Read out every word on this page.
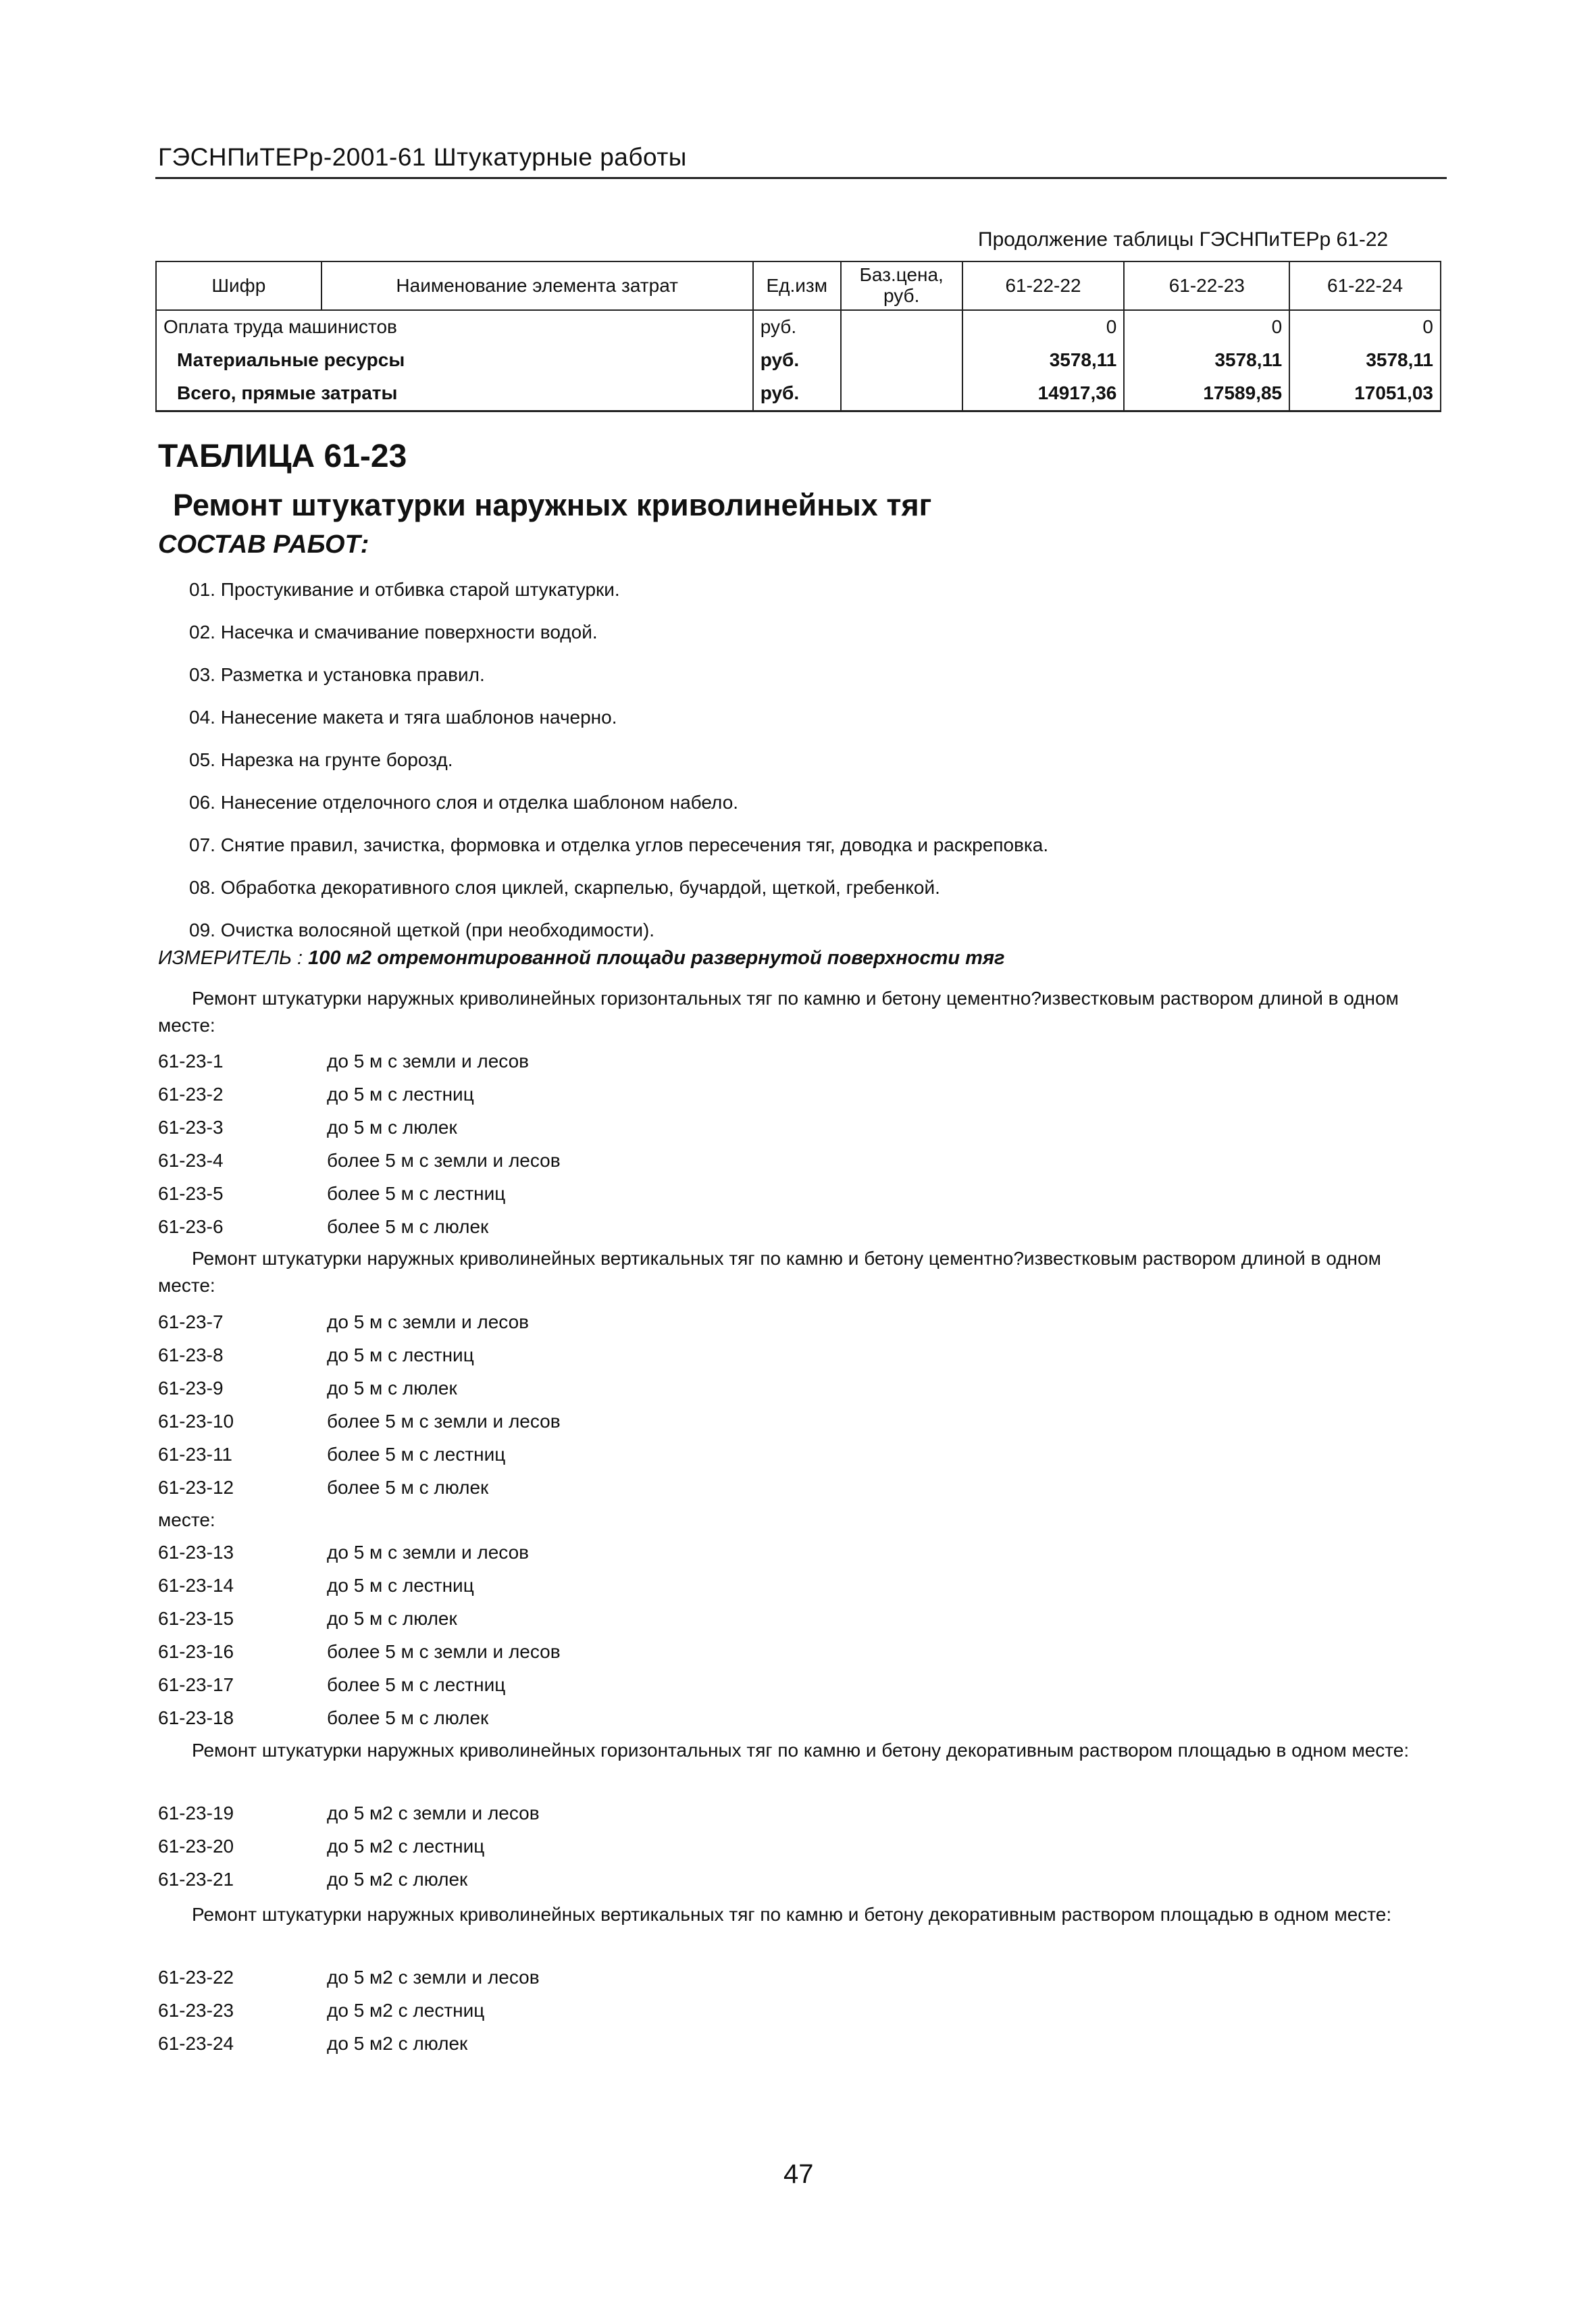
ГЭСНПиТЕРр-2001-61 Штукатурные работы
Продолжение таблицы ГЭСНПиТЕРр 61-22
Шифр	Наименование элемента затрат	Ед.изм	Баз.цена, руб.	61-22-22	61-22-23	61-22-24
Оплата труда машинистов		руб.		0	0	0
Материальные ресурсы		руб.		3578,11	3578,11	3578,11
Всего, прямые затраты		руб.		14917,36	17589,85	17051,03
ТАБЛИЦА 61-23
Ремонт штукатурки наружных криволинейных тяг
СОСТАВ РАБОТ:
01. Простукивание и отбивка старой штукатурки.
02. Насечка и смачивание поверхности водой.
03. Разметка и установка правил.
04. Нанесение макета и тяга шаблонов начерно.
05. Нарезка на грунте борозд.
06. Нанесение отделочного слоя и отделка шаблоном набело.
07. Снятие правил, зачистка, формовка и отделка углов пересечения тяг, доводка и раскреповка.
08. Обработка декоративного слоя циклей, скарпелью, бучардой, щеткой, гребенкой.
09. Очистка волосяной щеткой (при необходимости).
ИЗМЕРИТЕЛЬ : 100 м2 отремонтированной площади развернутой поверхности тяг
Ремонт штукатурки наружных криволинейных горизонтальных тяг по камню и бетону цементно?известковым раствором длиной в одном месте:
61-23-1	до 5 м с земли и лесов
61-23-2	до 5 м с лестниц
61-23-3	до 5 м с люлек
61-23-4	более 5 м с земли и лесов
61-23-5	более 5 м с лестниц
61-23-6	более 5 м с люлек
Ремонт штукатурки наружных криволинейных вертикальных тяг по камню и бетону цементно?известковым раствором длиной в одном месте:
61-23-7	до 5 м с земли и лесов
61-23-8	до 5 м с лестниц
61-23-9	до 5 м с люлек
61-23-10	более 5 м с земли и лесов
61-23-11	более 5 м с лестниц
61-23-12	более 5 м с люлек
месте:
61-23-13	до 5 м с земли и лесов
61-23-14	до 5 м с лестниц
61-23-15	до 5 м с люлек
61-23-16	более 5 м с земли и лесов
61-23-17	более 5 м с лестниц
61-23-18	более 5 м с люлек
Ремонт штукатурки наружных криволинейных горизонтальных тяг по камню и бетону декоративным раствором площадью в одном месте:
61-23-19	до 5 м2 с земли и лесов
61-23-20	до 5 м2 с лестниц
61-23-21	до 5 м2 с люлек
Ремонт штукатурки наружных криволинейных вертикальных тяг по камню и бетону декоративным раствором площадью в одном месте:
61-23-22	до 5 м2 с земли и лесов
61-23-23	до 5 м2 с лестниц
61-23-24	до 5 м2 с люлек
47
